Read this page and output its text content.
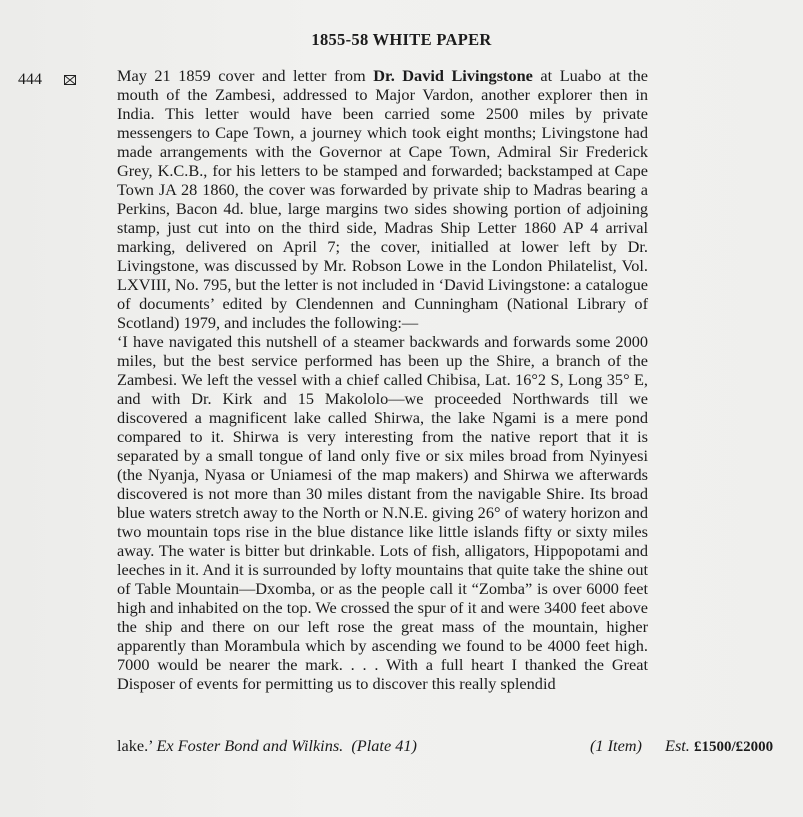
1855-58 WHITE PAPER
444	May 21 1859 cover and letter from Dr. David Livingstone at Luabo at the mouth of the Zambesi, addressed to Major Vardon, another explorer then in India. This letter would have been carried some 2500 miles by private messengers to Cape Town, a journey which took eight months; Livingstone had made arrangements with the Governor at Cape Town, Admiral Sir Frederick Grey, K.C.B., for his letters to be stamped and forwarded; backstamped at Cape Town JA 28 1860, the cover was forwarded by private ship to Madras bearing a Perkins, Bacon 4d. blue, large margins two sides showing portion of adjoining stamp, just cut into on the third side, Madras Ship Letter 1860 AP 4 arrival marking, delivered on April 7; the cover, initialled at lower left by Dr. Livingstone, was discussed by Mr. Robson Lowe in the London Philatelist, Vol. LXVIII, No. 795, but the letter is not included in ‘David Livingstone: a catalogue of documents’ edited by Clendennen and Cunningham (National Library of Scotland) 1979, and includes the following:—

‘I have navigated this nutshell of a steamer backwards and forwards some 2000 miles, but the best service performed has been up the Shire, a branch of the Zambesi. We left the vessel with a chief called Chibisa, Lat. 16°2 S, Long 35° E, and with Dr. Kirk and 15 Makololo—we proceeded Northwards till we discovered a magnificent lake called Shirwa, the lake Ngami is a mere pond compared to it. Shirwa is very interesting from the native report that it is separated by a small tongue of land only five or six miles broad from Nyinyesi (the Nyanja, Nyasa or Uniamesi of the map makers) and Shirwa we afterwards discovered is not more than 30 miles distant from the navigable Shire. Its broad blue waters stretch away to the North or N.N.E. giving 26° of watery horizon and two mountain tops rise in the blue distance like little islands fifty or sixty miles away. The water is bitter but drinkable. Lots of fish, alligators, Hippopotami and leeches in it. And it is surrounded by lofty mountains that quite take the shine out of Table Mountain—Dxomba, or as the people call it “Zomba” is over 6000 feet high and inhabited on the top. We crossed the spur of it and were 3400 feet above the ship and there on our left rose the great mass of the mountain, higher apparently than Morambula which by ascending we found to be 4000 feet high. 7000 would be nearer the mark. . . . With a full heart I thanked the Great Disposer of events for permitting us to discover this really splendid

lake.’ Ex Foster Bond and Wilkins. (Plate 41)	(1 Item) Est. £1500/£2000
